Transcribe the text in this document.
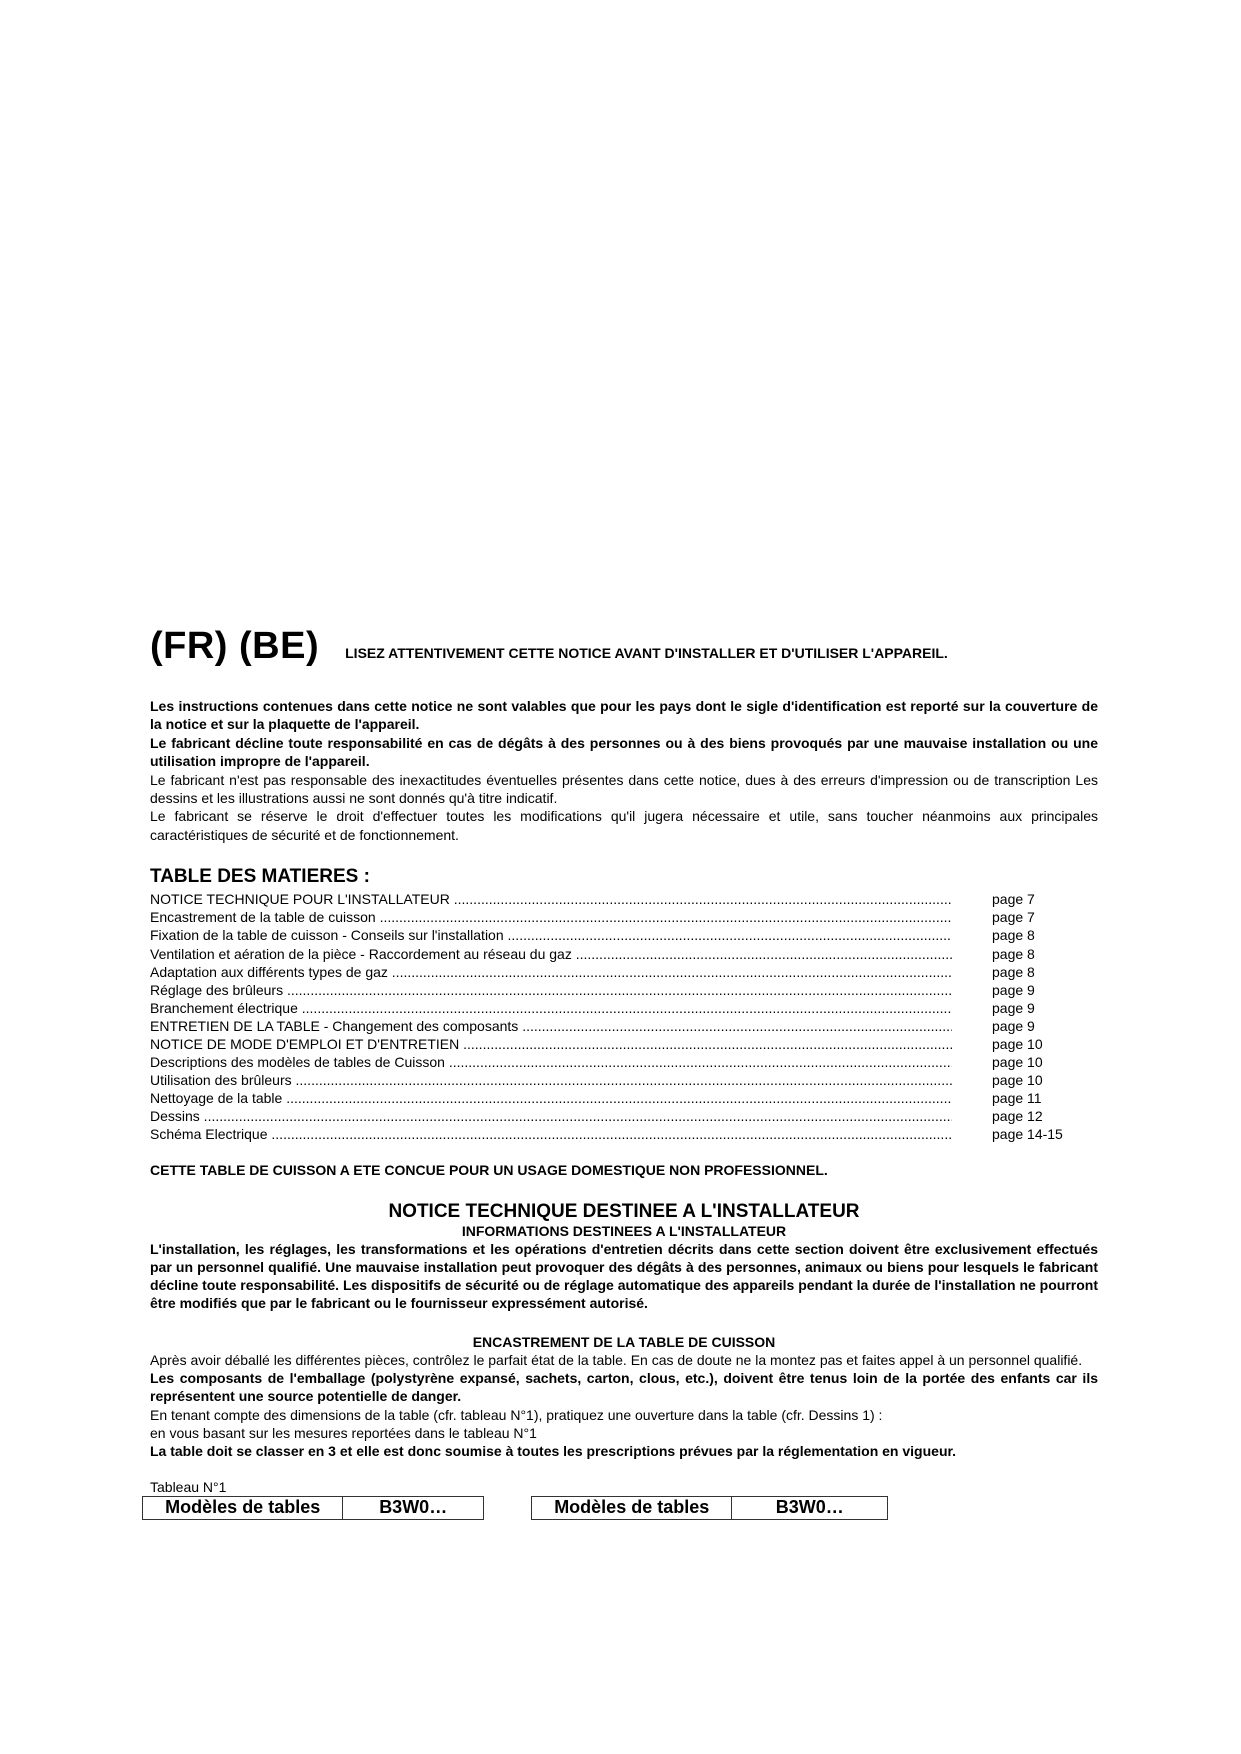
(FR) (BE) LISEZ ATTENTIVEMENT CETTE NOTICE AVANT D'INSTALLER ET D'UTILISER L'APPAREIL.

Les instructions contenues dans cette notice ne sont valables que pour les pays dont le sigle d'identification est reporté sur la couverture de la notice et sur la plaquette de l'appareil.

Le fabricant décline toute responsabilité en cas de dégâts à des personnes ou à des biens provoqués par une mauvaise installation ou une utilisation impropre de l'appareil.

Le fabricant n'est pas responsable des inexactitudes éventuelles présentes dans cette notice, dues à des erreurs d'impression ou de transcription Les dessins et les illustrations aussi ne sont donnés qu'à titre indicatif.

Le fabricant se réserve le droit d'effectuer toutes les modifications qu'il jugera nécessaire et utile, sans toucher néanmoins aux principales caractéristiques de sécurité et de fonctionnement.

TABLE DES MATIERES :
NOTICE TECHNIQUE POUR L'INSTALLATEUR .....	page 7
Encastrement de la table de cuisson .....	page 7
Fixation de la table de cuisson - Conseils sur l'installation .....	page 8
Ventilation et aération de la pièce - Raccordement au réseau du gaz .....	page 8
Adaptation aux différents types de gaz .....	page 8
Réglage des brûleurs .....	page 9
Branchement électrique .....	page 9
ENTRETIEN DE LA TABLE - Changement des composants .....	page 9
NOTICE DE MODE D'EMPLOI ET D'ENTRETIEN .....	page 10
Descriptions des modèles de tables de Cuisson .....	page 10
Utilisation des brûleurs .....	page 10
Nettoyage de la table .....	page 11
Dessins .....	page 12
Schéma Electrique .....	page 14-15

CETTE TABLE DE CUISSON A ETE CONCUE POUR UN USAGE DOMESTIQUE NON PROFESSIONNEL.

NOTICE TECHNIQUE DESTINEE A L'INSTALLATEUR
INFORMATIONS DESTINEES A L'INSTALLATEUR

L'installation, les réglages, les transformations et les opérations d'entretien décrits dans cette section doivent être exclusivement effectués par un personnel qualifié. Une mauvaise installation peut provoquer des dégâts à des personnes, animaux ou biens pour lesquels le fabricant décline toute responsabilité. Les dispositifs de sécurité ou de réglage automatique des appareils pendant la durée de l'installation ne pourront être modifiés que par le fabricant ou le fournisseur expressément autorisé.

ENCASTREMENT DE LA TABLE DE CUISSON

Après avoir déballé les différentes pièces, contrôlez le parfait état de la table. En cas de doute ne la montez pas et faites appel à un personnel qualifié.

Les composants de l'emballage (polystyrène expansé, sachets, carton, clous, etc.), doivent être tenus loin de la portée des enfants car ils représentent une source potentielle de danger.

En tenant compte des dimensions de la table (cfr. tableau N°1), pratiquez une ouverture dans la table (cfr. Dessins 1) :

en vous basant sur les mesures reportées dans le tableau N°1

La table doit se classer en 3 et elle est donc soumise à toutes les prescriptions prévues par la réglementation en vigueur.

Tableau N°1
Modèles de tables	B3W0…	Modèles de tables	B3W0…
